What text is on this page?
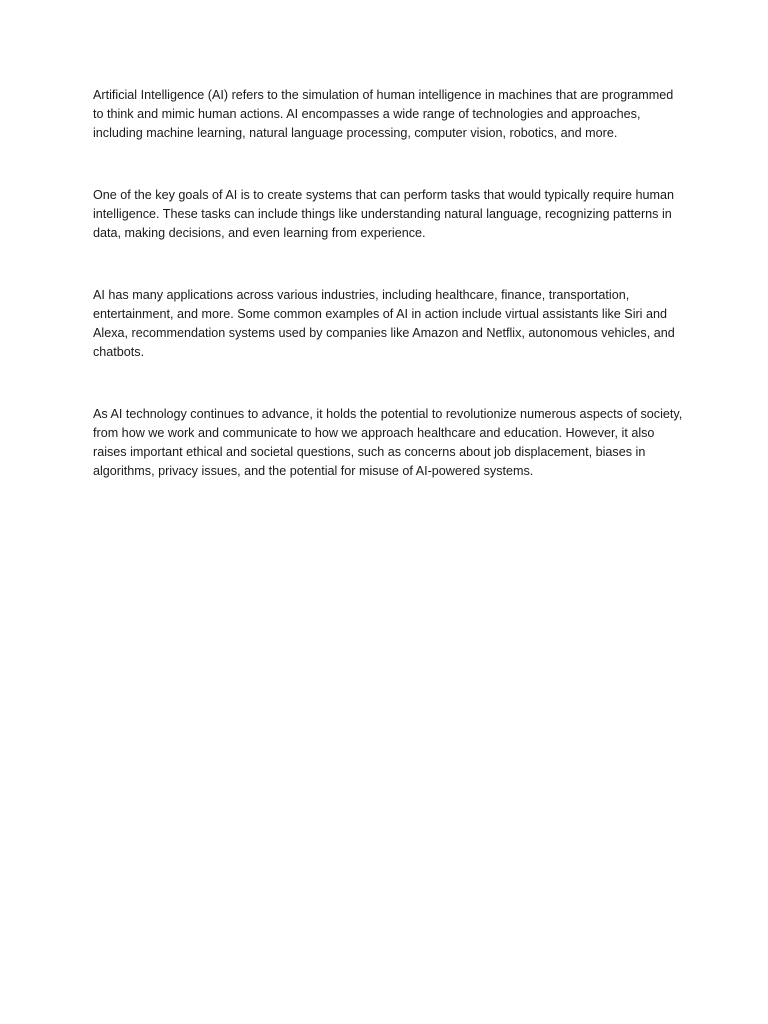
Artificial Intelligence (AI) refers to the simulation of human intelligence in machines that are programmed to think and mimic human actions. AI encompasses a wide range of technologies and approaches, including machine learning, natural language processing, computer vision, robotics, and more.

One of the key goals of AI is to create systems that can perform tasks that would typically require human intelligence. These tasks can include things like understanding natural language, recognizing patterns in data, making decisions, and even learning from experience.

AI has many applications across various industries, including healthcare, finance, transportation, entertainment, and more. Some common examples of AI in action include virtual assistants like Siri and Alexa, recommendation systems used by companies like Amazon and Netflix, autonomous vehicles, and chatbots.

As AI technology continues to advance, it holds the potential to revolutionize numerous aspects of society, from how we work and communicate to how we approach healthcare and education. However, it also raises important ethical and societal questions, such as concerns about job displacement, biases in algorithms, privacy issues, and the potential for misuse of AI-powered systems.
